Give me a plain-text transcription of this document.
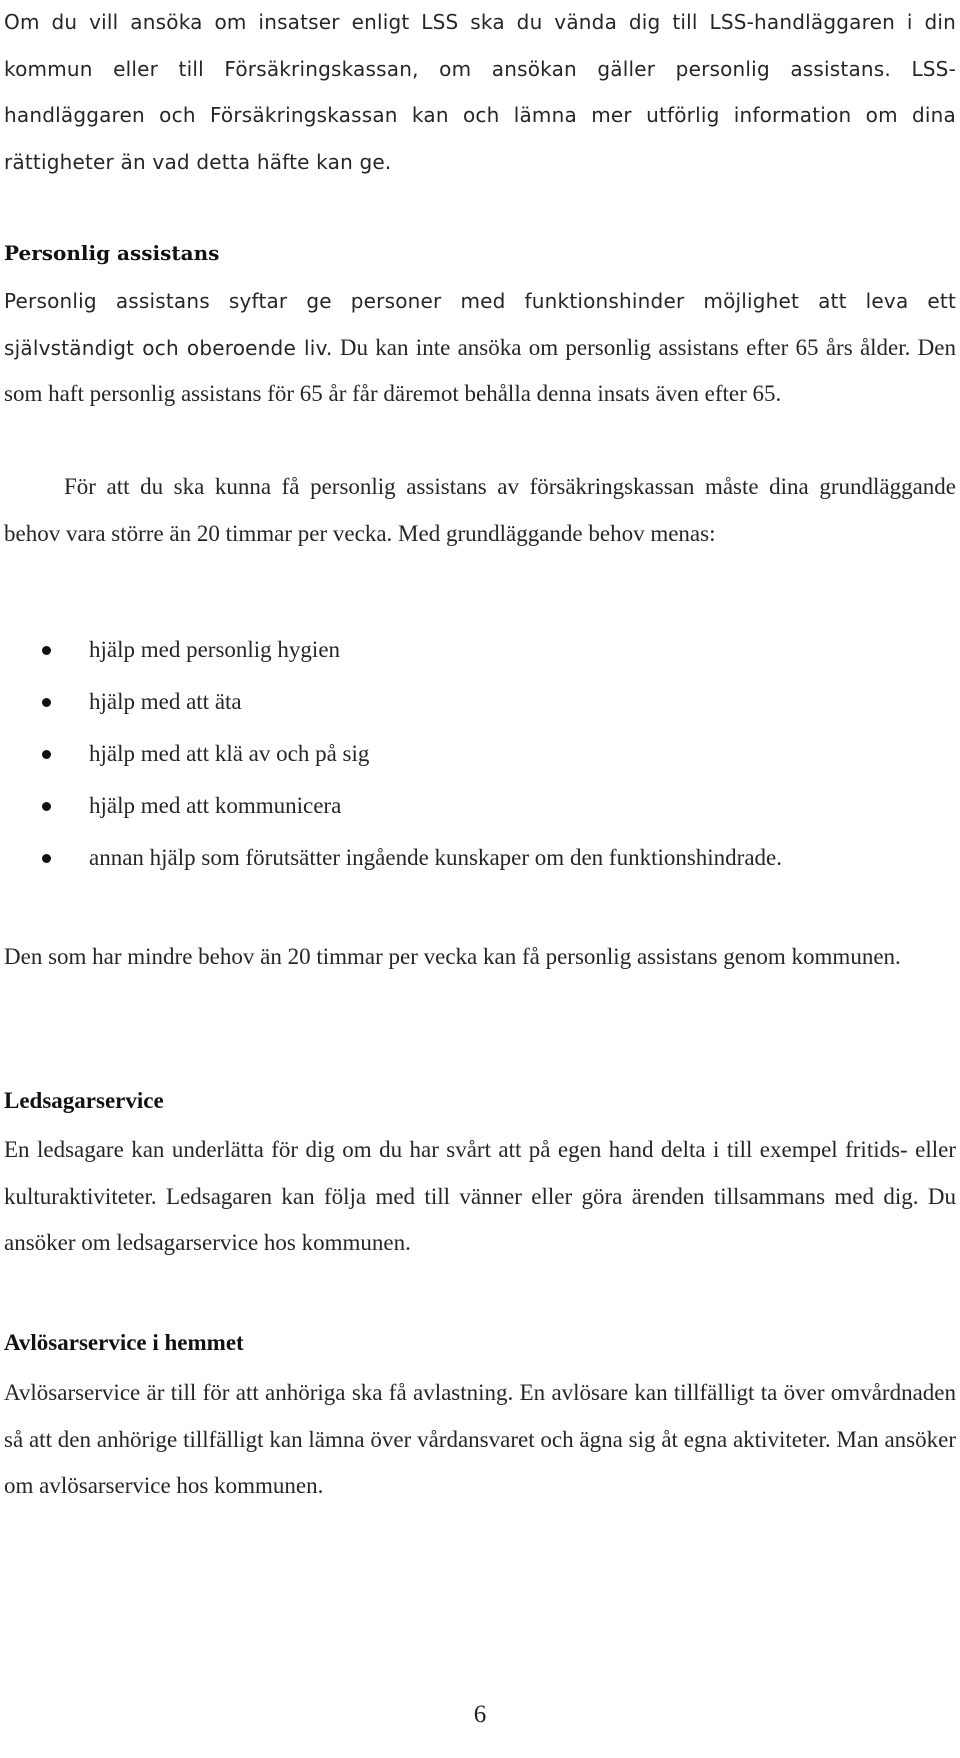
Om du vill ansöka om insatser enligt LSS ska du vända dig till LSS-handläggaren i din kommun eller till Försäkringskassan, om ansökan gäller personlig assistans. LSS-handläggaren och Försäkringskassan kan och lämna mer utförlig information om dina rättigheter än vad detta häfte kan ge.

Personlig assistans

Personlig assistans syftar ge personer med funktionshinder möjlighet att leva ett självständigt och oberoende liv. Du kan inte ansöka om personlig assistans efter 65 års ålder. Den som haft personlig assistans för 65 år får däremot behålla denna insats även efter 65.

För att du ska kunna få personlig assistans av försäkringskassan måste dina grundläggande behov vara större än 20 timmar per vecka. Med grundläggande behov menas:

hjälp med personlig hygien
hjälp med att äta
hjälp med att klä av och på sig
hjälp med att kommunicera
annan hjälp som förutsätter ingående kunskaper om den funktionshindrade.

Den som har mindre behov än 20 timmar per vecka kan få personlig assistans genom kommunen.

Ledsagarservice

En ledsagare kan underlätta för dig om du har svårt att på egen hand delta i till exempel fritids- eller kulturaktiviteter. Ledsagaren kan följa med till vänner eller göra ärenden tillsammans med dig. Du ansöker om ledsagarservice hos kommunen.

Avlösarservice i hemmet

Avlösarservice är till för att anhöriga ska få avlastning. En avlösare kan tillfälligt ta över omvårdnaden så att den anhörige tillfälligt kan lämna över vårdansvaret och ägna sig åt egna aktiviteter. Man ansöker om avlösarservice hos kommunen.

6
